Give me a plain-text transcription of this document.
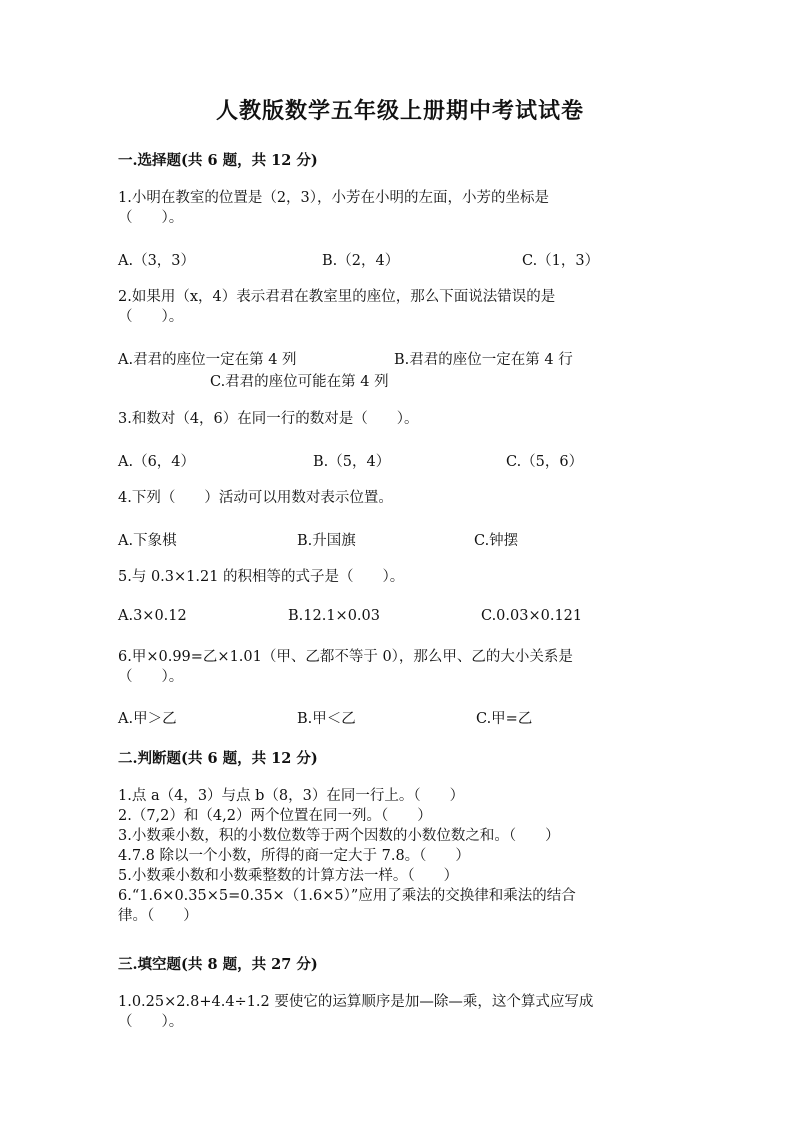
人教版数学五年级上册期中考试试卷
一.选择题(共 6 题，共 12 分)
1.小明在教室的位置是（2，3），小芳在小明的左面，小芳的坐标是
（　　）。
A.（3，3）	B.（2，4）	C.（1，3）
2.如果用（x，4）表示君君在教室里的座位，那么下面说法错误的是
（　　）。
A.君君的座位一定在第 4 列	B.君君的座位一定在第 4 行
C.君君的座位可能在第 4 列
3.和数对（4，6）在同一行的数对是（　　）。
A.（6，4）	B.（5，4）	C.（5，6）
4.下列（　　）活动可以用数对表示位置。
A.下象棋	B.升国旗	C.钟摆
5.与 0.3×1.21 的积相等的式子是（　　）。
A.3×0.12	B.12.1×0.03	C.0.03×0.121
6.甲×0.99=乙×1.01（甲、乙都不等于 0），那么甲、乙的大小关系是
（　　）。
A.甲＞乙	B.甲＜乙	C.甲=乙
二.判断题(共 6 题，共 12 分)
1.点 a（4，3）与点 b（8，3）在同一行上。（　　）
2.（7,2）和（4,2）两个位置在同一列。（　　）
3.小数乘小数，积的小数位数等于两个因数的小数位数之和。（　　）
4.7.8 除以一个小数，所得的商一定大于 7.8。（　　）
5.小数乘小数和小数乘整数的计算方法一样。（　　）
6.“1.6×0.35×5=0.35×（1.6×5）”应用了乘法的交换律和乘法的结合
律。（　　）
三.填空题(共 8 题，共 27 分)
1.0.25×2.8+4.4÷1.2 要使它的运算顺序是加—除—乘，这个算式应写成
（　　）。
